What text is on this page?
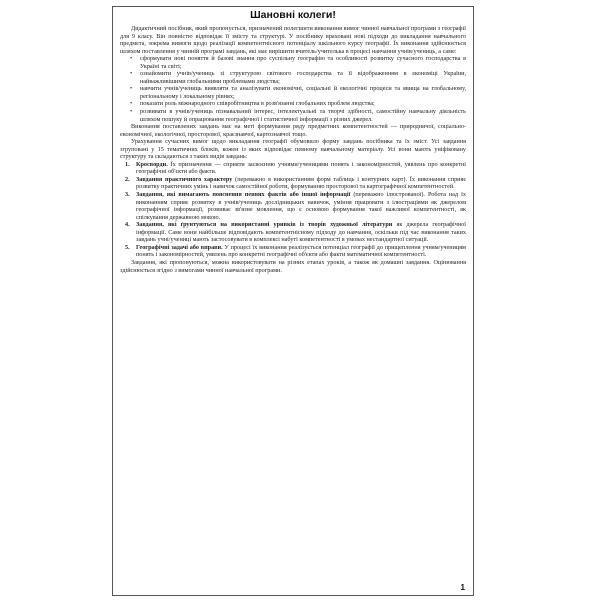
Шановні колеги!

Дидактичний посібник, який пропонується, призначений полегшити виконання вимог чинної навчальної програми з географії для 9 класу. Він повністю відповідає її змісту та структурі. У посібнику враховані нові підходи до викладання навчального предмета, зокрема вимоги щодо реалізації компетентнісного потенціалу шкільного курсу географії. Їх виконання здійснюється шляхом поставлення у чинній програмі завдань, які має вирішити вчитель/учителька в процесі навчання учнів/учениць, а саме:

• сформувати нові поняття й базові знання про суспільну географію та особливості розвитку сучасного господарства в Україні та світі;
• ознайомити учнів/учениць зі структурою світового господарства та її відображенням в економіці України, найважливішими глобальними проблемами людства;
• навчити учнів/учениць виявляти та аналізувати економічні, соціальні й екологічні процеси та явища на глобальному, регіональному і локальному рівнях;
• показати роль міжнародного співробітництва в розв'язанні глобальних проблем людства;
• розвивати в учнів/учениць пізнавальний інтерес, інтелектуальні та творчі здібності, самостійну навчальну діяльність шляхом пошуку й опрацювання географічної і статистичної інформації з різних джерел.

Виконання поставлених завдань має на меті формування ряду предметних компетентностей — природничої, соціально-економічної, екологічної, просторової, краєзнавчої, картознавчої тощо.

Урахування сучасних вимог щодо викладання географії обумовило форму завдань посібника та їх зміст. Усі завдання згруповані у 15 тематичних блоків, кожен із яких відповідає певному навчальному матеріалу. Усі вони мають уніфіковану структуру та складаються з таких видів завдань:

1. Кросворди. Їх призначення — сприяти засвоєнню учнями/ученицями понять і закономірностей, уявлень про конкретні географічні об'єкти або факти.
2. Завдання практичного характеру (переважно в використанням форм таблиць і контурних карт). Їх виконання сприяє розвитку практичних умінь і навичок самостійної роботи, формуванню просторової та картографічної компетентностей.
3. Завдання, які вимагають пояснення певних фактів або іншої інформації (переважно ілюстрованої). Робота над їх виконанням сприяє розвитку в учнів/учениць дослідницьких навичок, уміння працювати з ілюстраціями як джерелом географічної інформації, розвиває зв'язне мовлення, що є основою формування такої важливої компетентності, як спілкування державною мовою.
4. Завдання, які ґрунтуються на використанні уривків із творів художньої літератури як джерела географічної інформації. Саме вони найбільше відповідають компетентнісному підходу до навчання, оскільки під час виконання таких завдань учні/учениці мають застосовувати в комплексі набуті компетентності в умовах нестандартної ситуації.
5. Географічні задачі або вправи. У процесі їх виконання реалізується потенціал географії до прищеплення учням/ученицям понять і закономірностей, уявлень про конкретні географічні об'єкти або факти математичної компетентності.

Завдання, які пропонуються, можна використовувати на різних етапах уроків, а також як домашні завдання. Оцінювання здійснюється згідно з вимогами чинної навчальної програми.

1
